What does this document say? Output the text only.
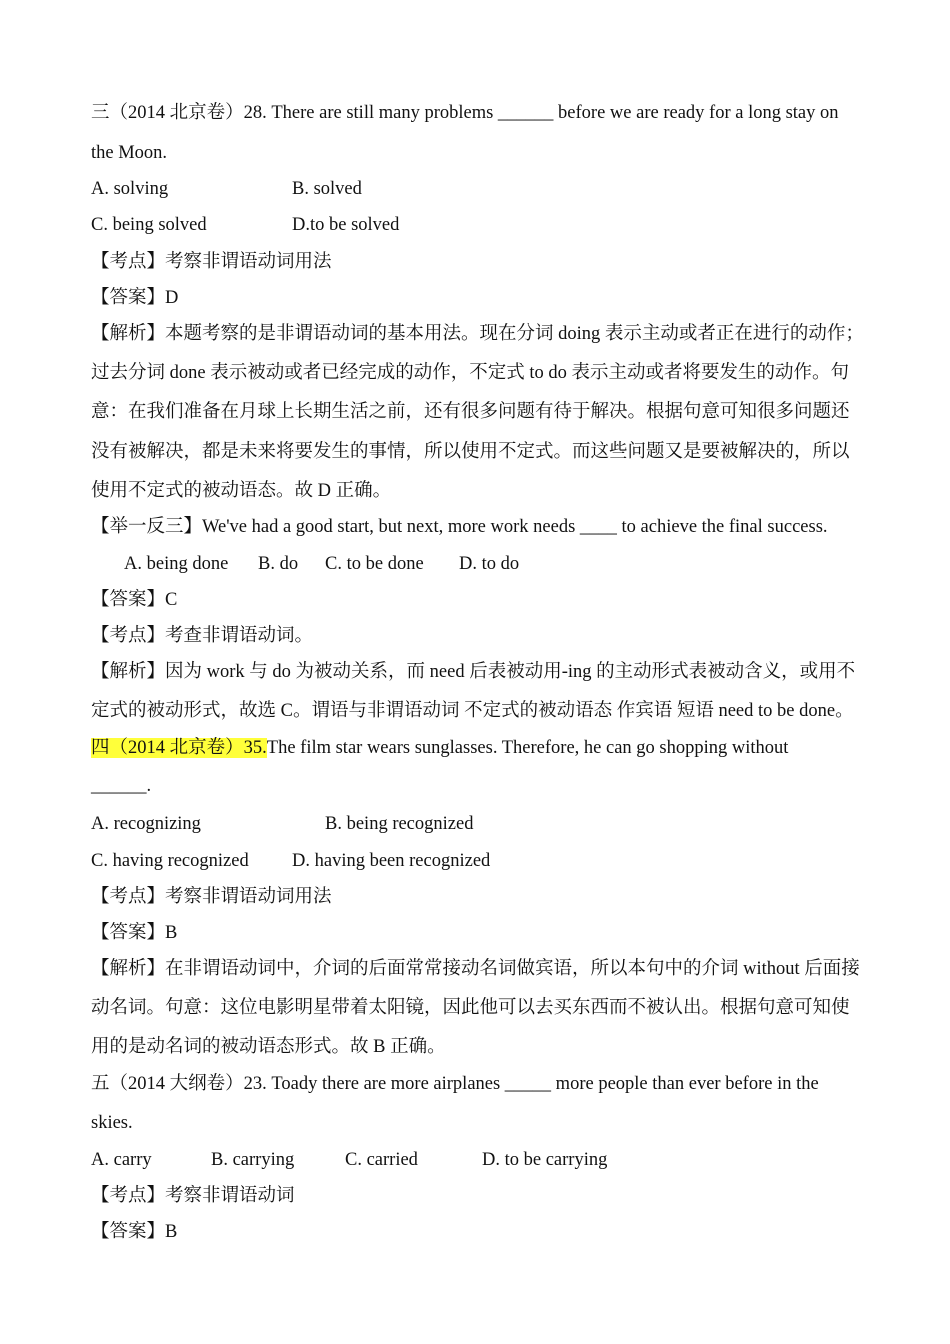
三（2014 北京卷）28. There are still many problems ______ before we are ready for a long stay on
the Moon.
A. solving	B. solved
C. being solved	D.to be solved
【考点】考察非谓语动词用法
【答案】D
【解析】本题考察的是非谓语动词的基本用法。现在分词 doing 表示主动或者正在进行的动作；
过去分词 done 表示被动或者已经完成的动作，不定式 to do 表示主动或者将要发生的动作。句
意：在我们准备在月球上长期生活之前，还有很多问题有待于解决。根据句意可知很多问题还
没有被解决，都是未来将要发生的事情，所以使用不定式。而这些问题又是要被解决的，所以
使用不定式的被动语态。故 D 正确。
【举一反三】We've had a good start, but next, more work needs ____ to achieve the final success.
A. being done B. do C. to be done D. to do
【答案】C
【考点】考查非谓语动词。
【解析】因为 work 与 do 为被动关系，而 need 后表被动用-ing 的主动形式表被动含义，或用不
定式的被动形式，故选 C。谓语与非谓语动词 不定式的被动语态 作宾语 短语 need to be done。
四（2014 北京卷）35.The film star wears sunglasses. Therefore, he can go shopping without
______.
A. recognizing	B. being recognized
C. having recognized D. having been recognized
【考点】考察非谓语动词用法
【答案】B
【解析】在非谓语动词中，介词的后面常常接动名词做宾语，所以本句中的介词 without 后面接
动名词。句意：这位电影明星带着太阳镜，因此他可以去买东西而不被认出。根据句意可知使
用的是动名词的被动语态形式。故 B 正确。
五（2014 大纲卷）23. Toady there are more airplanes _____ more people than ever before in the
skies.
A. carry	B. carrying	C. carried	D. to be carrying
【考点】考察非谓语动词
【答案】B
